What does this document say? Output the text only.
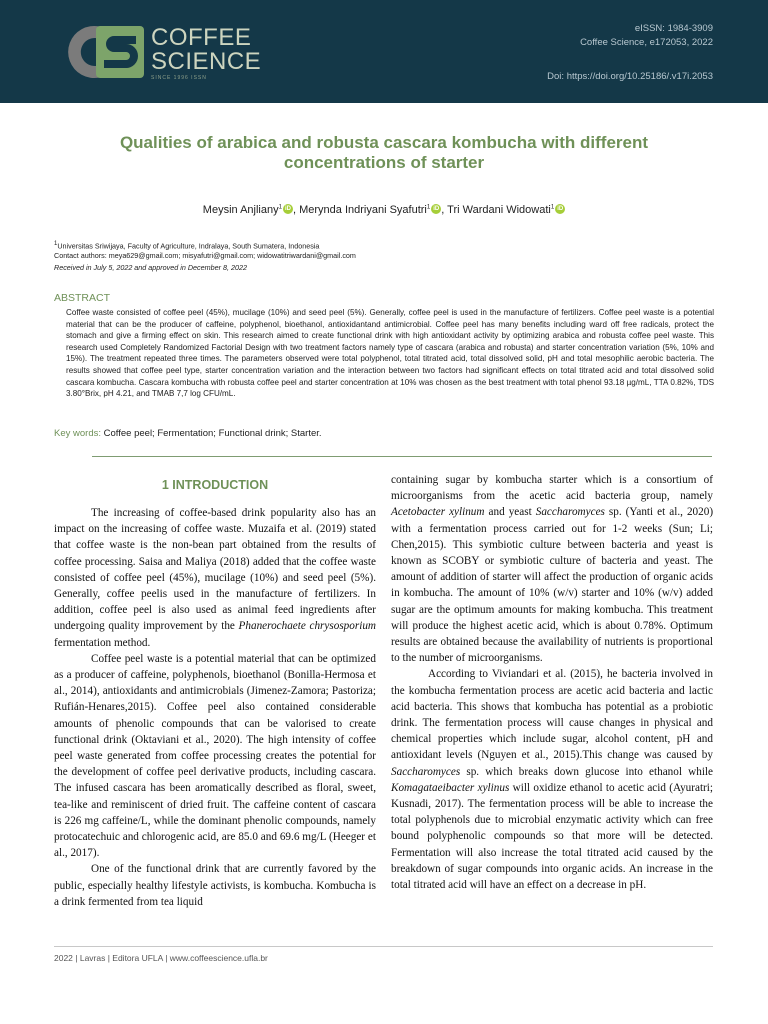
COFFEE
SCIENCE
SINCE 1996 ISSN
eISSN: 1984-3909
Coffee Science, e172053, 2022
Doi: https://doi.org/10.25186/.v17i.2053
Qualities of arabica and robusta cascara kombucha with different concentrations of starter
Meysin Anjliany$^1$ iD , Merynda Indriyani Syafutri$^1$ iD , Tri Wardani Widowati$^1$ iD
$^1$Universitas Sriwijaya, Faculty of Agriculture, Indralaya, South Sumatera, Indonesia
Contact authors: meya629@gmail.com; misyafutri@gmail.com; widowatitriwardani@gmail.com
Received in July 5, 2022 and approved in December 8, 2022
ABSTRACT
Coffee waste consisted of coffee peel (45%), mucilage (10%) and seed peel (5%). Generally, coffee peel is used in the manufacture of fertilizers. Coffee peel waste is a potential material that can be the producer of caffeine, polyphenol, bioethanol, antioxidantand antimicrobial. Coffee peel has many benefits including ward off free radicals, protect the stomach and give a firming effect on skin. This research aimed to create functional drink with high antioxidant activity by optimizing arabica and robusta coffee peel waste. This research used Completely Randomized Factorial Design with two treatment factors namely type of cascara (arabica and robusta) and starter concentration variation (5%, 10% and 15%). The treatment repeated three times. The parameters observed were total polyphenol, total titrated acid, total dissolved solid, pH and total mesophilic aerobic bacteria. The results showed that coffee peel type, starter concentration variation and the interaction between two factors had significant effects on total titrated acid and total dissolved solid cascara kombucha. Cascara kombucha with robusta coffee peel and starter concentration at 10% was chosen as the best treatment with total phenol 93.18 µg/mL, TTA 0.82%, TDS 3.80°Brix, pH 4.21, and TMAB 7,7 log CFU/mL.
Key words: Coffee peel; Fermentation; Functional drink; Starter.
1 INTRODUCTION

The increasing of coffee-based drink popularity also has an impact on the increasing of coffee waste. Muzaifa et al. (2019) stated that coffee waste is the non-bean part obtained from the results of coffee processing. Saisa and Maliya (2018) added that the coffee waste consisted of coffee peel (45%), mucilage (10%) and seed peel (5%). Generally, coffee peelis used in the manufacture of fertilizers. In addition, coffee peel is also used as animal feed ingredients after undergoing quality improvement by the Phanerochaete chrysosporium fermentation method.

Coffee peel waste is a potential material that can be optimized as a producer of caffeine, polyphenols, bioethanol (Bonilla-Hermosa et al., 2014), antioxidants and antimicrobials (Jimenez-Zamora; Pastoriza; Rufián-Henares,2015). Coffee peel also contained considerable amounts of phenolic compounds that can be valorised to create functional drink (Oktaviani et al., 2020). The high intensity of coffee peel waste generated from coffee processing creates the potential for the development of coffee peel derivative products, including cascara. The infused cascara has been aromatically described as floral, sweet, tea-like and reminiscent of dried fruit. The caffeine content of cascara is 226 mg caffeine/L, while the dominant phenolic compounds, namely protocatechuic and chlorogenic acid, are 85.0 and 69.6 mg/L (Heeger et al., 2017).

One of the functional drink that are currently favored by the public, especially healthy lifestyle activists, is kombucha. Kombucha is a drink fermented from tea liquid

containing sugar by kombucha starter which is a consortium of microorganisms from the acetic acid bacteria group, namely Acetobacter xylinum and yeast Saccharomyces sp. (Yanti et al., 2020) with a fermentation process carried out for 1-2 weeks (Sun; Li; Chen,2015). This symbiotic culture between bacteria and yeast is known as SCOBY or symbiotic culture of bacteria and yeast. The amount of addition of starter will affect the production of organic acids in kombucha. The amount of 10% (w/v) starter and 10% (w/v) added sugar are the optimum amounts for making kombucha. This treatment will produce the highest acetic acid, which is about 0.78%. Optimum results are obtained because the availability of nutrients is proportional to the number of microorganisms.

According to Viviandari et al. (2015), he bacteria involved in the kombucha fermentation process are acetic acid bacteria and lactic acid bacteria. This shows that kombucha has potential as a probiotic drink. The fermentation process will cause changes in physical and chemical properties which include sugar, alcohol content, pH and antioxidant levels (Nguyen et al., 2015).This change was caused by Saccharomyces sp. which breaks down glucose into ethanol while Komagataeibacter xylinus will oxidize ethanol to acetic acid (Ayuratri; Kusnadi, 2017). The fermentation process will be able to increase the total polyphenols due to microbial enzymatic activity which can free bound polyphenolic compounds so that more will be detected. Fermentation will also increase the total titrated acid caused by the breakdown of sugar compounds into organic acids. An increase in the total titrated acid will have an effect on a decrease in pH.

2022 | Lavras | Editora UFLA | www.coffeescience.ufla.br
